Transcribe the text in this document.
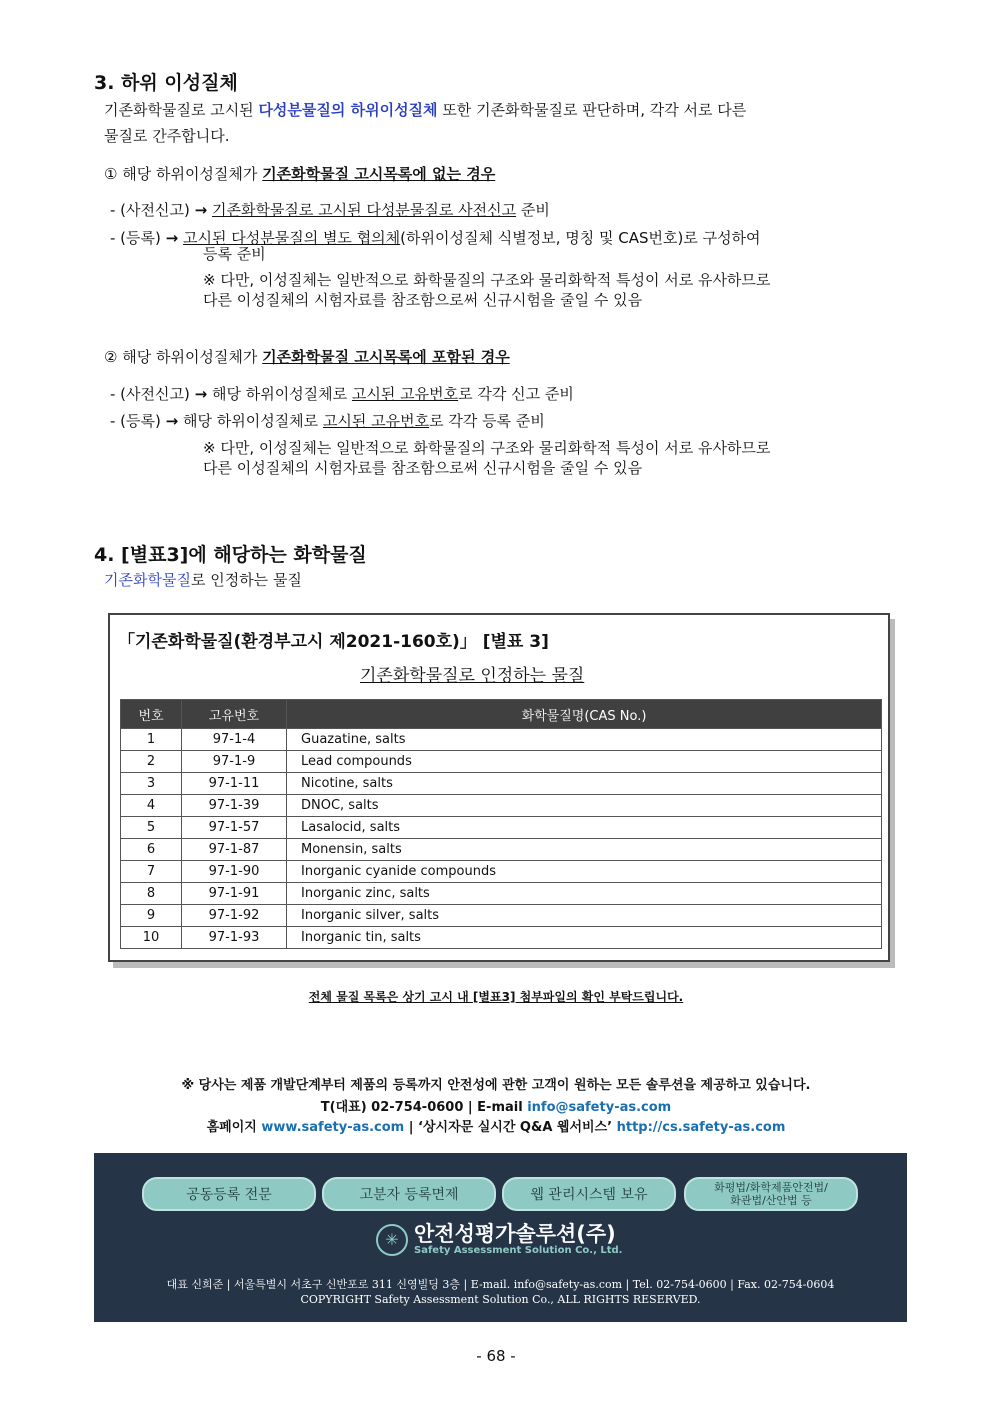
3. 하위 이성질체
기존화학물질로 고시된 다성분물질의 하위이성질체 또한 기존화학물질로 판단하며, 각각 서로 다른
물질로 간주합니다.
① 해당 하위이성질체가 기존화학물질 고시목록에 없는 경우
- (사전신고) → 기존화학물질로 고시된 다성분물질로 사전신고 준비
- (등록) → 고시된 다성분물질의 별도 협의체(하위이성질체 식별정보, 명칭 및 CAS번호)로 구성하여
등록 준비
※ 다만, 이성질체는 일반적으로 화학물질의 구조와 물리화학적 특성이 서로 유사하므로
다른 이성질체의 시험자료를 참조함으로써 신규시험을 줄일 수 있음
② 해당 하위이성질체가 기존화학물질 고시목록에 포함된 경우
- (사전신고) → 해당 하위이성질체로 고시된 고유번호로 각각 신고 준비
- (등록) → 해당 하위이성질체로 고시된 고유번호로 각각 등록 준비
※ 다만, 이성질체는 일반적으로 화학물질의 구조와 물리화학적 특성이 서로 유사하므로
다른 이성질체의 시험자료를 참조함으로써 신규시험을 줄일 수 있음
4. [별표3]에 해당하는 화학물질
기존화학물질로 인정하는 물질
「기존화학물질(환경부고시 제2021-160호)」 [별표 3]
기존화학물질로 인정하는 물질
번호	고유번호	화학물질명(CAS No.)
1	97-1-4	Guazatine, salts
2	97-1-9	Lead compounds
3	97-1-11	Nicotine, salts
4	97-1-39	DNOC, salts
5	97-1-57	Lasalocid, salts
6	97-1-87	Monensin, salts
7	97-1-90	Inorganic cyanide compounds
8	97-1-91	Inorganic zinc, salts
9	97-1-92	Inorganic silver, salts
10	97-1-93	Inorganic tin, salts
전체 물질 목록은 상기 고시 내 [별표3] 첨부파일의 확인 부탁드립니다.
※ 당사는 제품 개발단계부터 제품의 등록까지 안전성에 관한 고객이 원하는 모든 솔루션을 제공하고 있습니다.
T(대표) 02-754-0600 | E-mail info@safety-as.com
홈페이지 www.safety-as.com | ‘상시자문 실시간 Q&A 웹서비스’ http://cs.safety-as.com
공동등록 전문	고분자 등록면제	웹 관리시스템 보유	화평법/화학제품안전법/
화관법/산안법 등
✳ 안전성평가솔루션(주)
Safety Assessment Solution Co., Ltd.
대표 신희준 | 서울특별시 서초구 신반포로 311 신영빌딩 3층 | E-mail. info@safety-as.com | Tel. 02-754-0600 | Fax. 02-754-0604
COPYRIGHT Safety Assessment Solution Co., ALL RIGHTS RESERVED.
- 68 -
